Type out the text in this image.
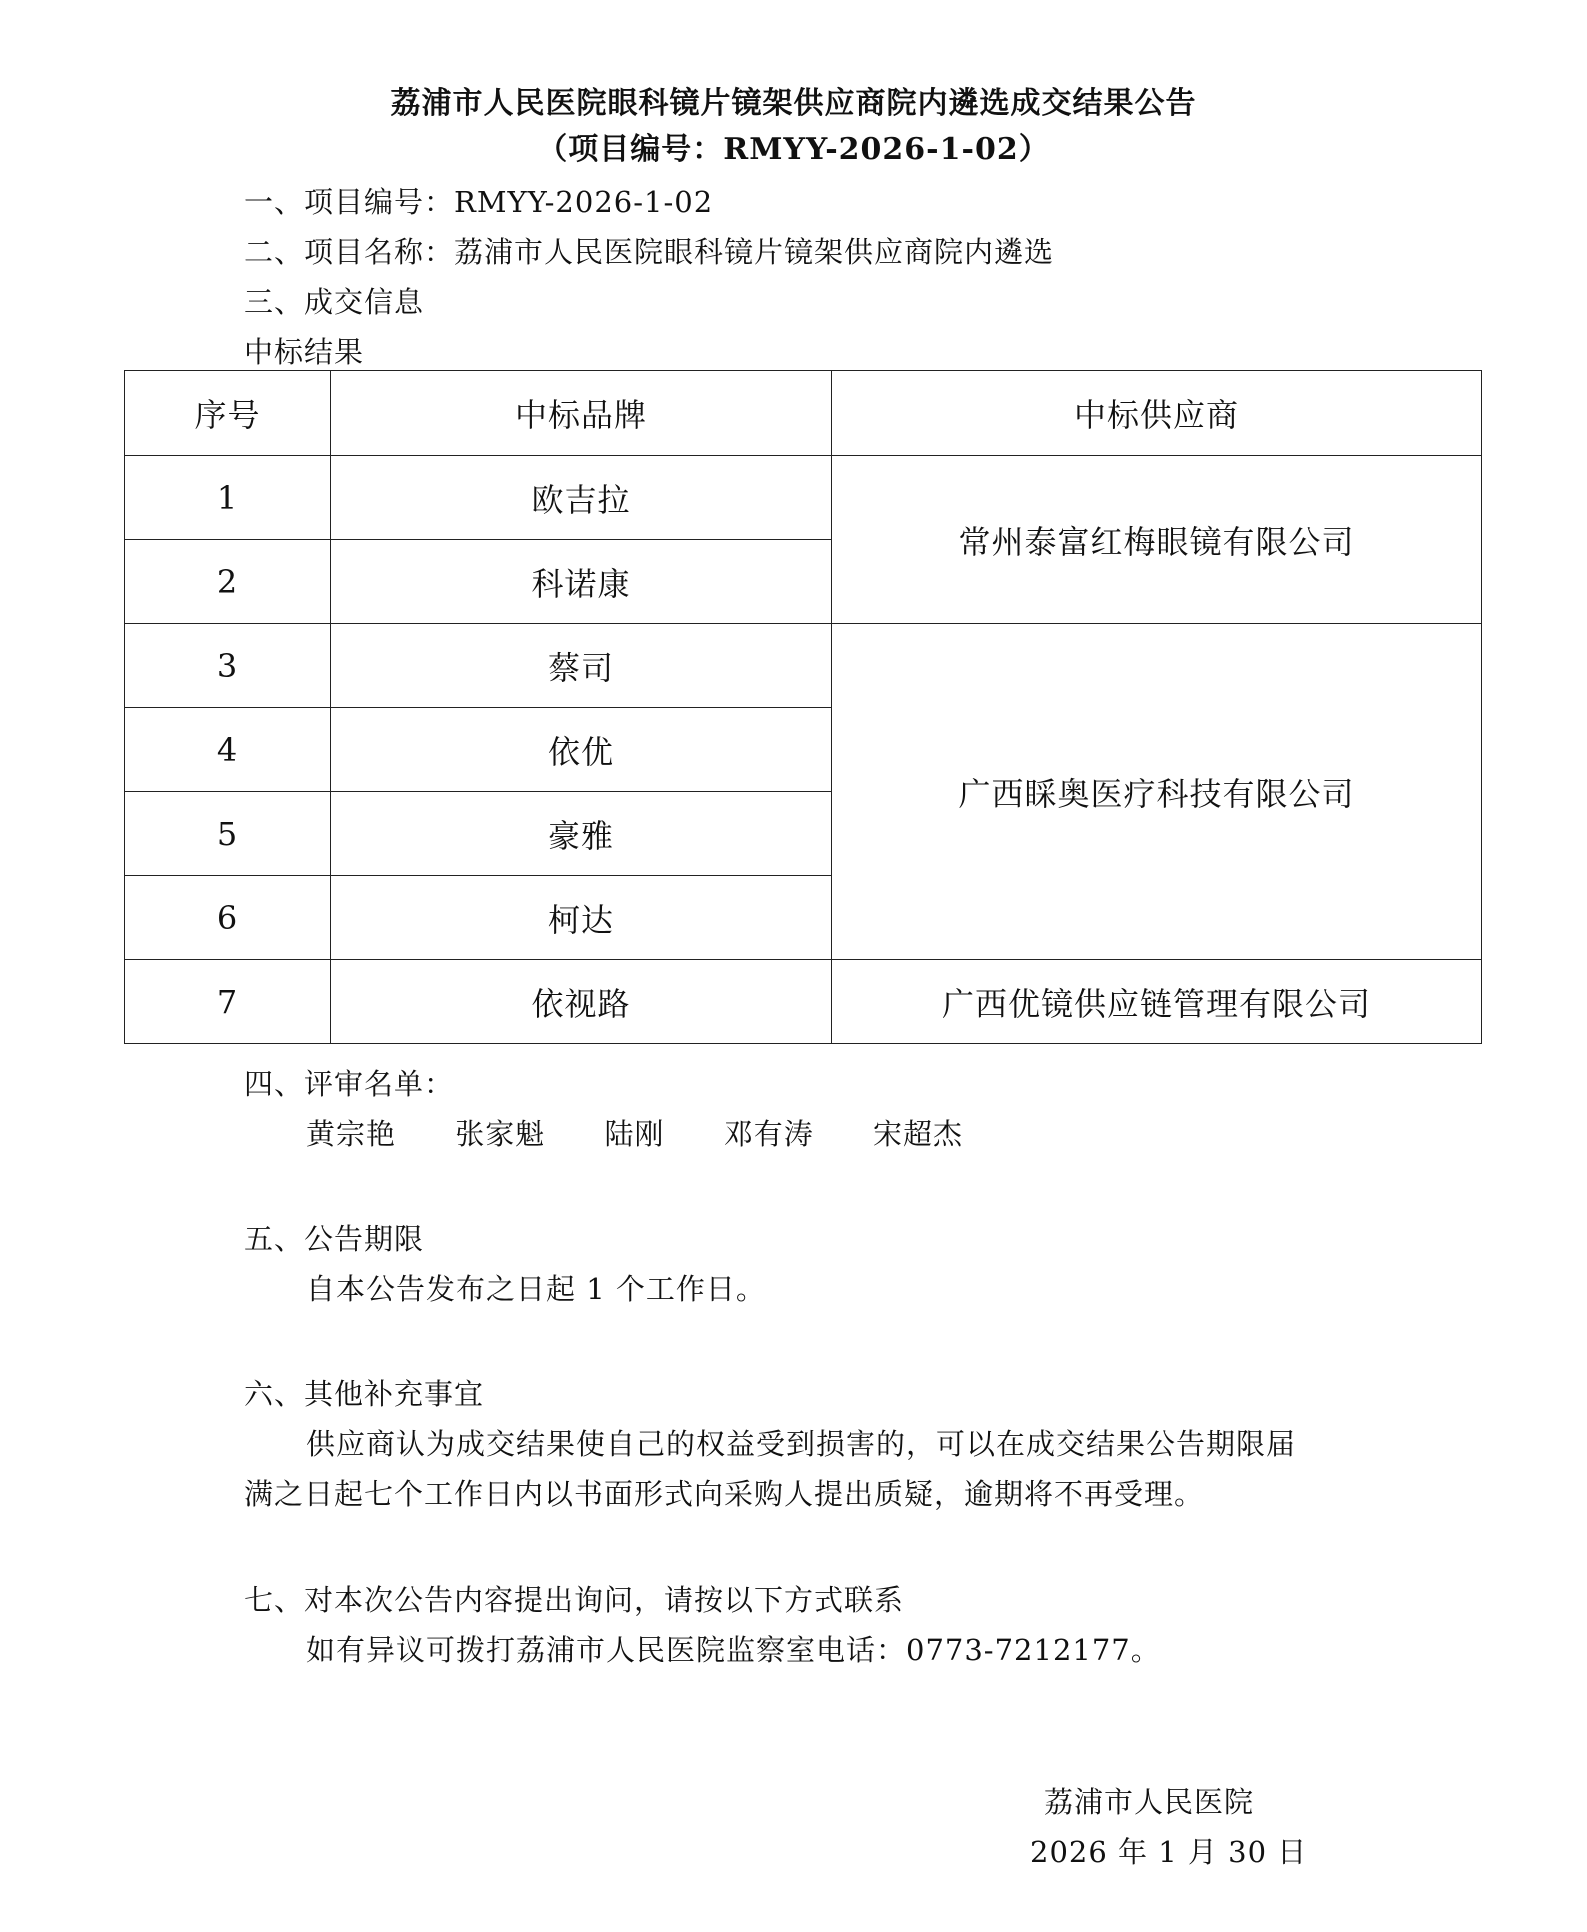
荔浦市人民医院眼科镜片镜架供应商院内遴选成交结果公告
（项目编号：RMYY-2026-1-02）
一、项目编号：RMYY-2026-1-02
二、项目名称：荔浦市人民医院眼科镜片镜架供应商院内遴选
三、成交信息
中标结果
序号	中标品牌	中标供应商
1	欧吉拉	常州泰富红梅眼镜有限公司
2	科诺康	
3	蔡司	广西睬奥医疗科技有限公司
4	依优	
5	豪雅	
6	柯达	
7	依视路	广西优镜供应链管理有限公司
四、评审名单：
黄宗艳 张家魁 陆刚 邓有涛 宋超杰
五、公告期限
自本公告发布之日起 1 个工作日。
六、其他补充事宜
供应商认为成交结果使自己的权益受到损害的，可以在成交结果公告期限届
满之日起七个工作日内以书面形式向采购人提出质疑，逾期将不再受理。
七、对本次公告内容提出询问，请按以下方式联系
如有异议可拨打荔浦市人民医院监察室电话：0773-7212177。
荔浦市人民医院
2026 年 1 月 30 日
